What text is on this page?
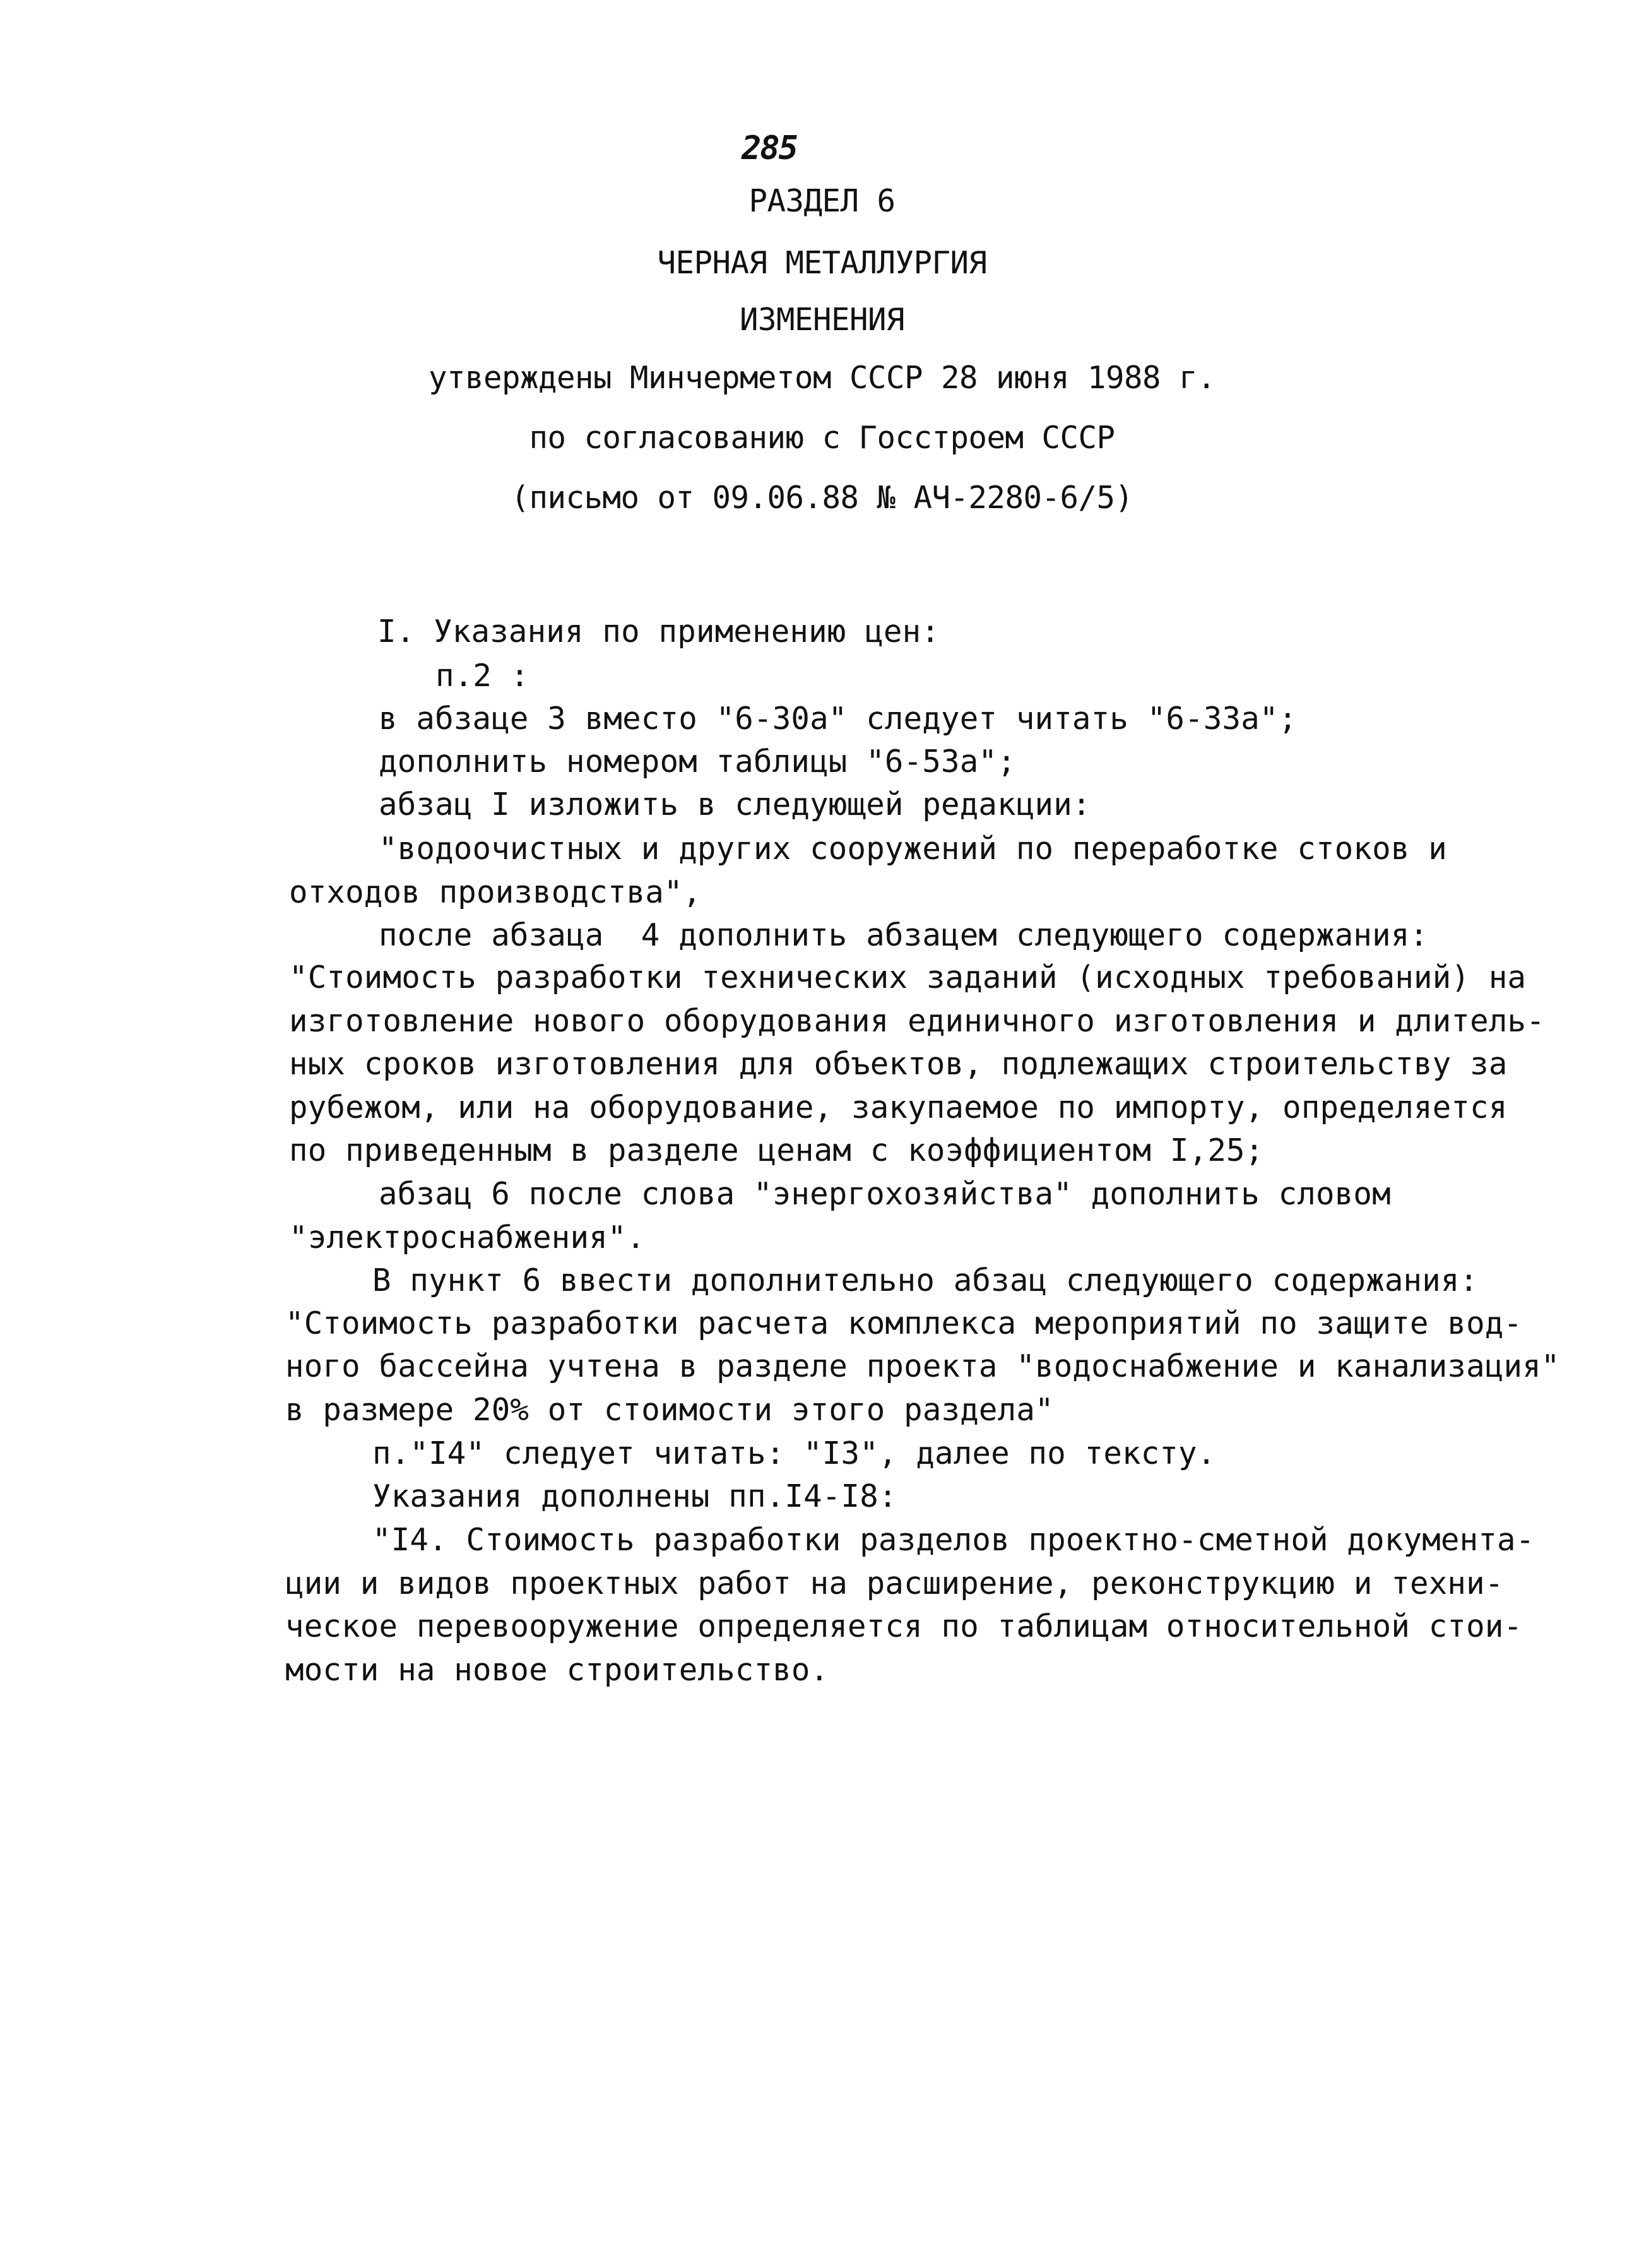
285
РАЗДЕЛ 6
ЧЕРНАЯ МЕТАЛЛУРГИЯ
ИЗМЕНЕНИЯ
утверждены Минчерметом СССР 28 июня 1988 г.
по согласованию с Госстроем СССР
(письмо от 09.06.88 № АЧ-2280-6/5)
I. Указания по применению цен:
п.2 :
в абзаце 3 вместо "6-30а" следует читать "6-33а";
дополнить номером таблицы "6-53а";
абзац I изложить в следующей редакции:
"водоочистных и других сооружений по переработке стоков и
отходов производства",
после абзаца  4 дополнить абзацем следующего содержания:
"Стоимость разработки технических заданий (исходных требований) на
изготовление нового оборудования единичного изготовления и длитель-
ных сроков изготовления для объектов, подлежащих строительству за
рубежом, или на оборудование, закупаемое по импорту, определяется
по приведенным в разделе ценам с коэффициентом I,25;
абзац 6 после слова "энергохозяйства" дополнить словом
"электроснабжения".
В пункт 6 ввести дополнительно абзац следующего содержания:
"Стоимость разработки расчета комплекса мероприятий по защите вод-
ного бассейна учтена в разделе проекта "водоснабжение и канализация"
в размере 20% от стоимости этого раздела"
п."I4" следует читать: "I3", далее по тексту.
Указания дополнены пп.I4-I8:
"I4. Стоимость разработки разделов проектно-сметной документа-
ции и видов проектных работ на расширение, реконструкцию и техни-
ческое перевооружение определяется по таблицам относительной стои-
мости на новое строительство.
